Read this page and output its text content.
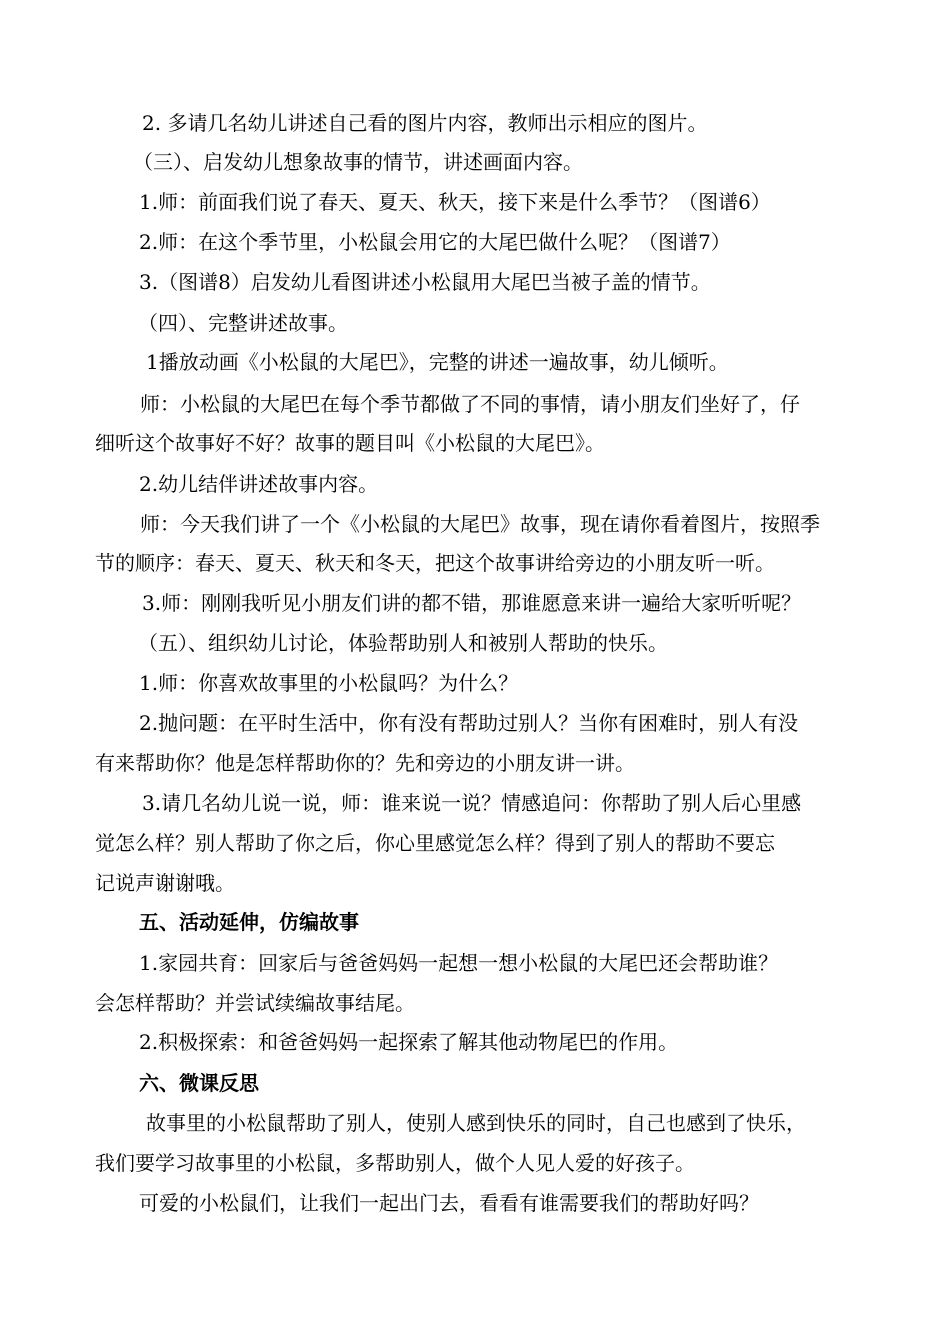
2. 多请几名幼儿讲述自己看的图片内容，教师出示相应的图片。
（三）、启发幼儿想象故事的情节，讲述画面内容。
1.师：前面我们说了春天、夏天、秋天，接下来是什么季节？（图谱6）
2.师：在这个季节里，小松鼠会用它的大尾巴做什么呢？（图谱7）
3.（图谱8）启发幼儿看图讲述小松鼠用大尾巴当被子盖的情节。
（四）、完整讲述故事。
1播放动画《小松鼠的大尾巴》，完整的讲述一遍故事，幼儿倾听。
师：小松鼠的大尾巴在每个季节都做了不同的事情，请小朋友们坐好了，仔
细听这个故事好不好？故事的题目叫《小松鼠的大尾巴》。
2.幼儿结伴讲述故事内容。
师：今天我们讲了一个《小松鼠的大尾巴》故事，现在请你看着图片，按照季
节的顺序：春天、夏天、秋天和冬天，把这个故事讲给旁边的小朋友听一听。
3.师：刚刚我听见小朋友们讲的都不错，那谁愿意来讲一遍给大家听听呢？
（五）、组织幼儿讨论，体验帮助别人和被别人帮助的快乐。
1.师：你喜欢故事里的小松鼠吗？为什么？
2.抛问题：在平时生活中，你有没有帮助过别人？当你有困难时，别人有没
有来帮助你？他是怎样帮助你的？先和旁边的小朋友讲一讲。
3.请几名幼儿说一说，师：谁来说一说？情感追问：你帮助了别人后心里感
觉怎么样？别人帮助了你之后，你心里感觉怎么样？得到了别人的帮助不要忘
记说声谢谢哦。
五、活动延伸，仿编故事
1.家园共育：回家后与爸爸妈妈一起想一想小松鼠的大尾巴还会帮助谁？
会怎样帮助？并尝试续编故事结尾。
2.积极探索：和爸爸妈妈一起探索了解其他动物尾巴的作用。
六、微课反思
故事里的小松鼠帮助了别人，使别人感到快乐的同时，自己也感到了快乐，
我们要学习故事里的小松鼠，多帮助别人，做个人见人爱的好孩子。
可爱的小松鼠们，让我们一起出门去，看看有谁需要我们的帮助好吗？
